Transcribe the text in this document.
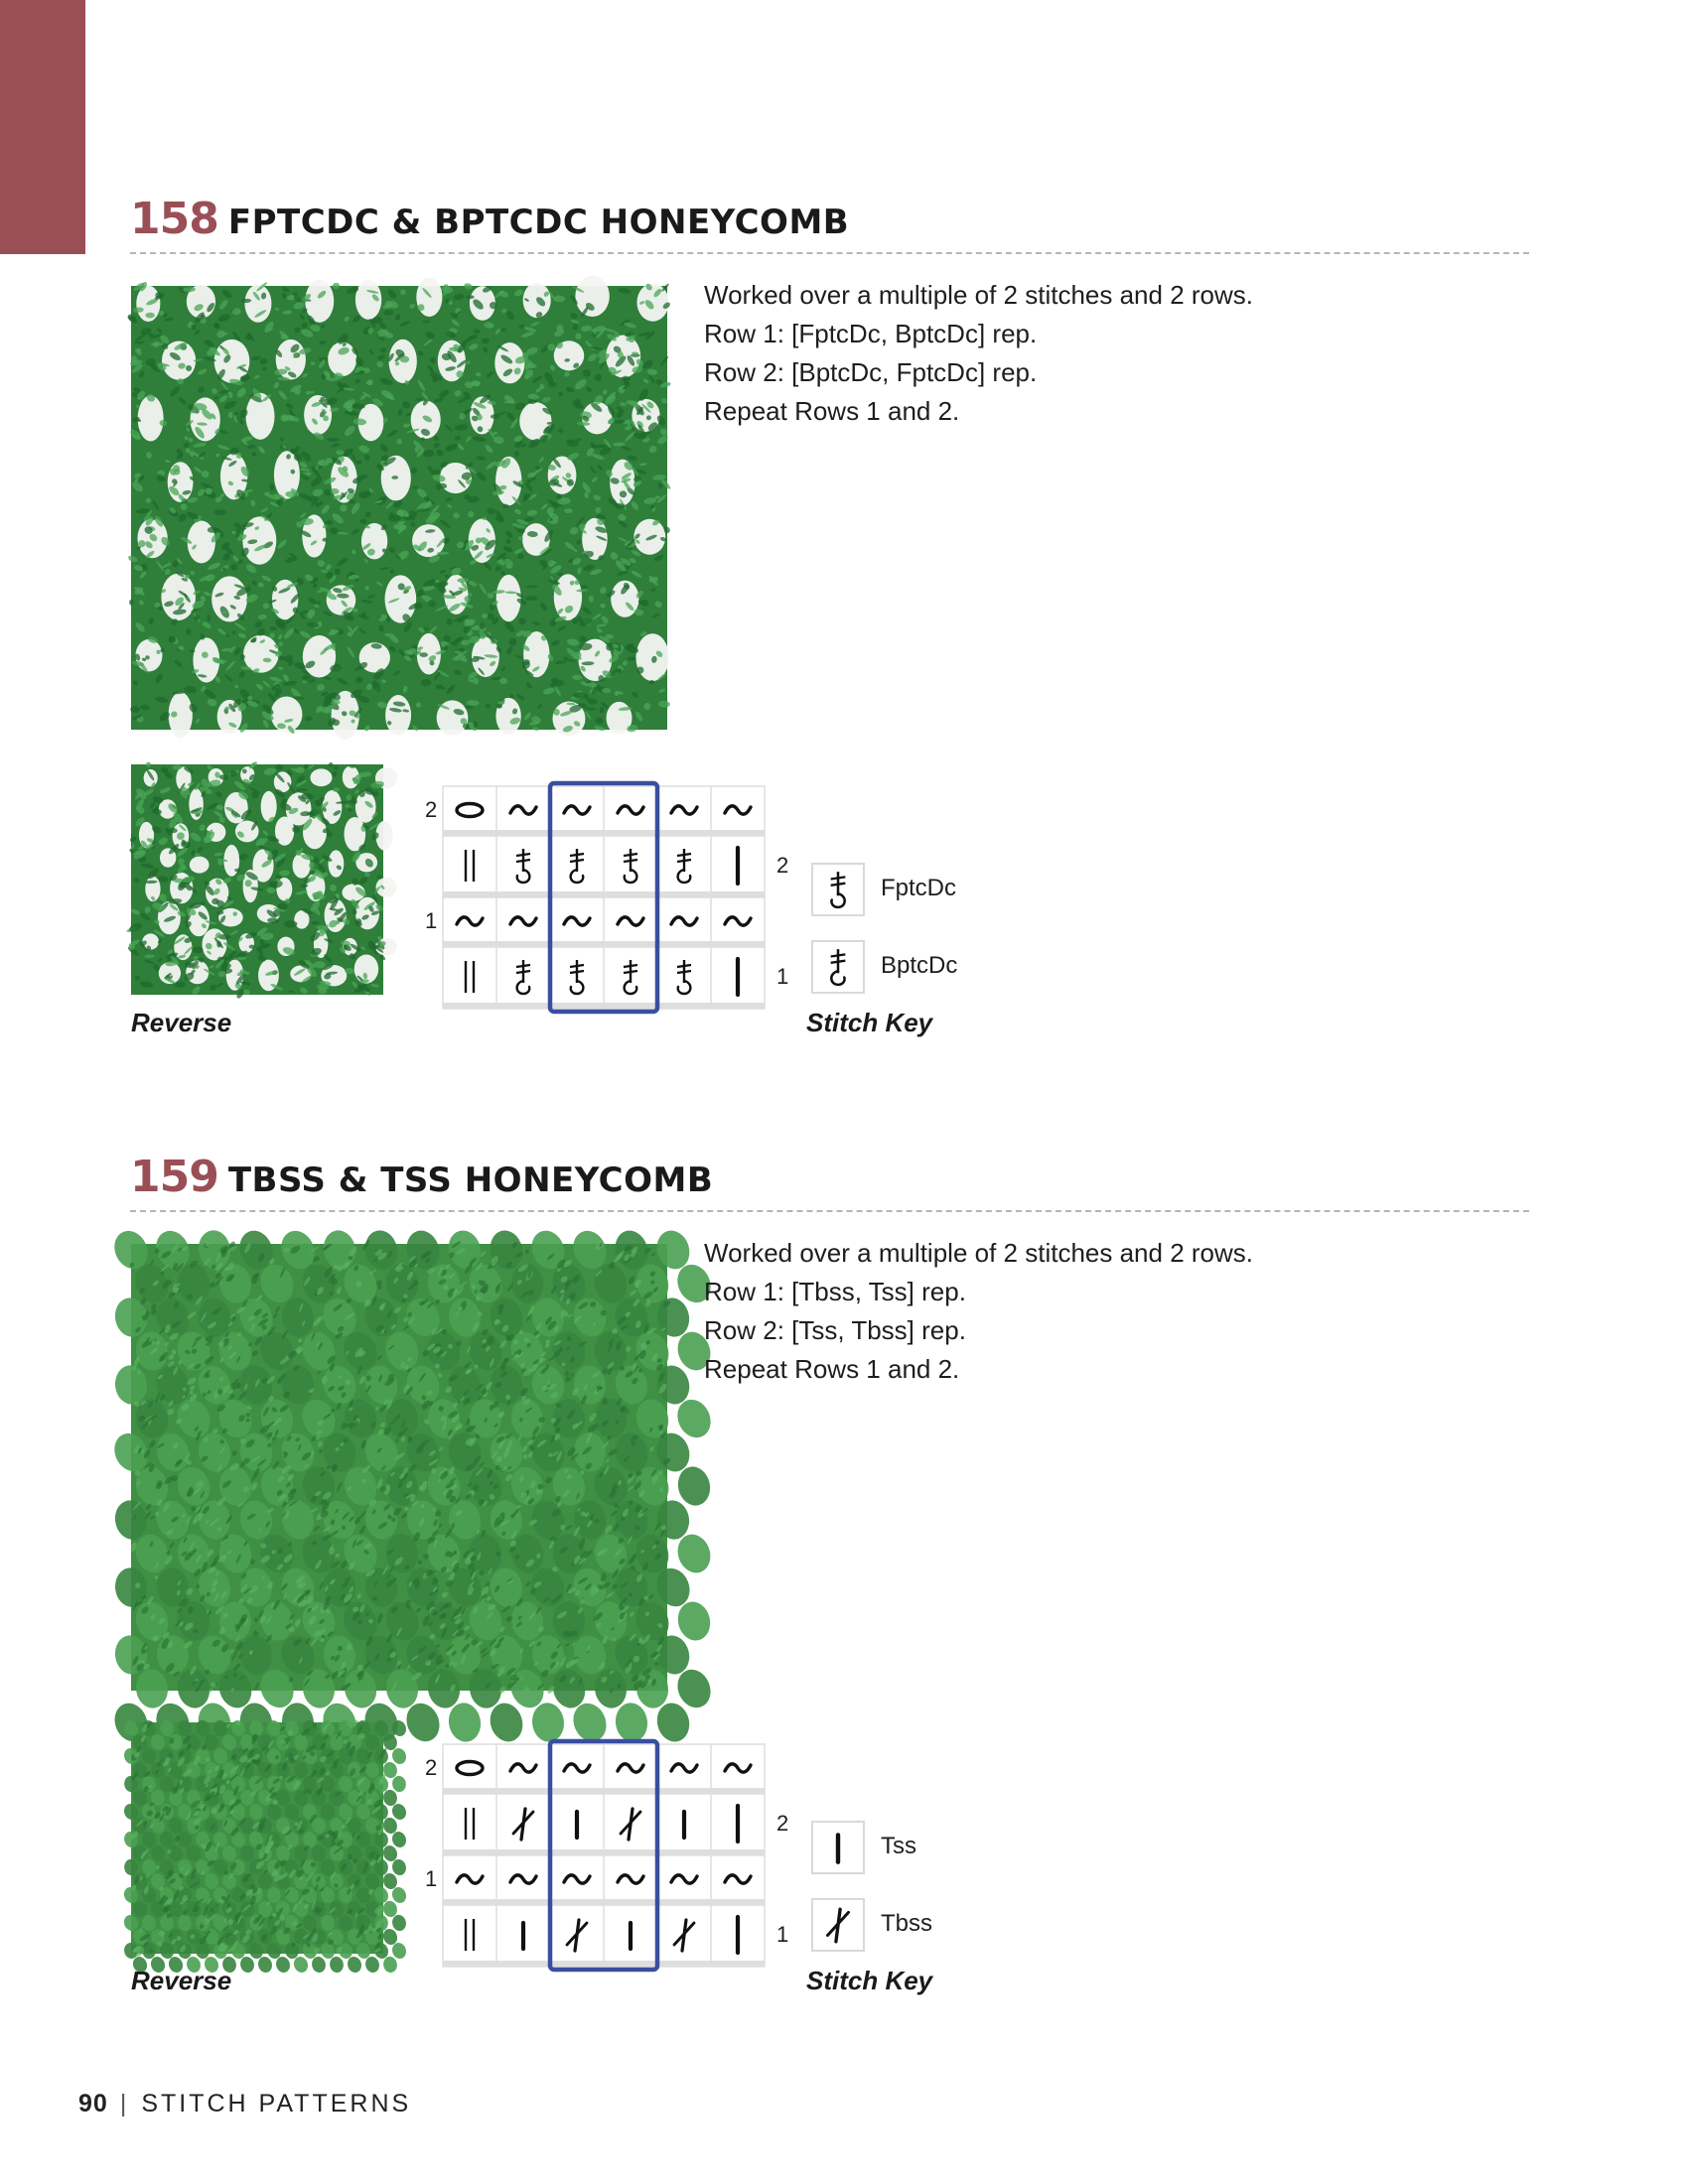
158 FPTCDC & BPTCDC HONEYCOMB

Worked over a multiple of 2 stitches and 2 rows.

Row 1: [FptcDc, BptcDc] rep.

Row 2: [BptcDc, FptcDc] rep.

Repeat Rows 1 and 2.

Reverse
2
1
2
1
FptcDc
BptcDc
Stitch Key
159 TBSS & TSS HONEYCOMB

Worked over a multiple of 2 stitches and 2 rows.

Row 1: [Tbss, Tss] rep.

Row 2: [Tss, Tbss] rep.

Repeat Rows 1 and 2.

Reverse
2
1
2
1
Tss
Tbss
Stitch Key
90 | STITCH PATTERNS
